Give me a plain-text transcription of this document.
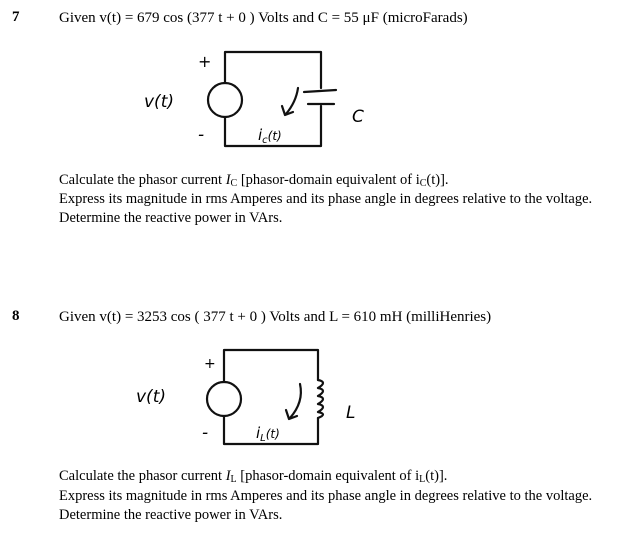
7	Given v(t) = 679 cos (377 t + 0 ) Volts and C = 55 μF (microFarads)
+
-
v(t)
$i_c^{(t)}$
C
Calculate the phasor current $I_C$ [phasor-domain equivalent of $i_C(t)$].
Express its magnitude in rms Amperes and its phase angle in degrees relative to the voltage.
Determine the reactive power in VArs.
8	Given v(t) = 3253 cos ( 377 t + 0 ) Volts and L = 610 mH (milliHenries)
+
-
v(t)
$i_L^{(t)}$
L
Calculate the phasor current $I_L$ [phasor-domain equivalent of $i_L(t)$].
Express its magnitude in rms Amperes and its phase angle in degrees relative to the voltage.
Determine the reactive power in VArs.
